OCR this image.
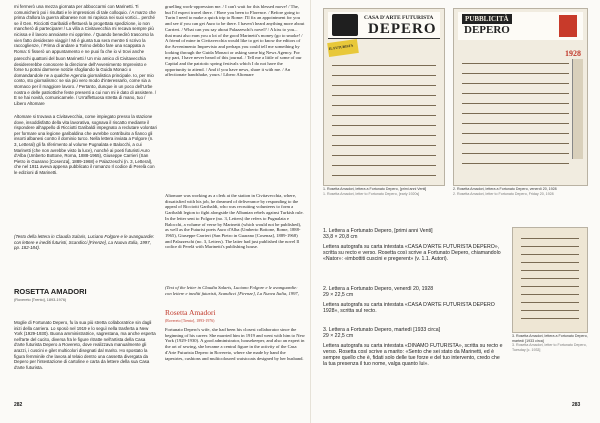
mi fermerò una mezza giornata per abboccarmi con Marinetti. Ti comunicherò poi i risultati e le impressioni di tale colloquio. / A marzo che prima d'allora la guerra albanese non mi rapisca nei suoi vortici... perché se il Gen. Ricciotti Garibaldi effettuerà la progettata spedizione, io non mancherò di partecipare! / La villa a Civitavecchia mi recava sempre più nicissa e il lavoro annoiante mi opprime. / Quando benedirò trascorso la vien fatto desiderare viaggi! / Mi è giunta tua sera mentre ti scrivo la raccoglienze, / Prima di andare a Torino debbo fare una scappata a Roma: ti fisserò un appuntamento e ne puoi fa che io vi trovi anche
parecchi quattoni del buon Marinetti / Un mio amico di Civitavecchia desidererebbe conoscere la direzione dell'Avvenimento Imprevisto e forse tu potrai darmene notizie sfogliando la Guida Monaci o domandandole ne a qualche Agenzia giornalistica principale. Io, per mio conto, sto giornalismo: se sia più vero modo d'interessarlo, come sia a stomaco per il maggiore lavoro. / Pertanto, dunque in un poco dell'Urbe nostra e delle patriottiche feste presenti a cui non mi è dato di assistere. / E se hai novità, comunicamele. / Un'affettuosa stretta di mano, tuo / Libero Altomare
Altomare si trovava a Civitavecchia, come impiegato presso la stazione dove, insoddisfatto della vita lavorativa, sognava il riscatto mediante il rispondere all'appello di Ricciotti Garibaldi impegnato a reclutare volontari per formare una legione garibaldina che avrebbe contribuito a fianco gli insorti albanesi contro il dominio turco. Nella lettera inviata a Folgore (n. 3, Letteral) gli fa riferimento al volume Pugnalata e Balocchi, a cui Marinetti (che non avrebbe visto la luce), nonché ai poeti futuristi Auro d'Alba (Umberto Bottone, Roma, 1888-1965), Giuseppe Carrieri (San Pietro in Guarano [Cosenza], 1889-1968) e Palazzeschi (n. 3, Letteral), che nel 1911 aveva appena pubblicato il romanzo Il codice di Perelà con le edizioni di Marinetti.
(Testo della lettera in Claudia Salaris, Luciano Folgore e le avanguardie: con lettere e inediti futuristi, Scandicci [Firenze], La Nuova Italia, 1997, pp. 182-184).
ROSETTA AMADORI
(Rovereto [Trento], 1893-1976)
Moglie di Fortunato Depero, fu la sua più stretta collaboratrice sin dagli inizi della carriera. Lo sposò nel 1919 e lo seguì nella trasferta a New York (1929-1930). Buona amministratrice, sagrestana, ma anche esperta nell'arte del cucito, diversa fra le figure ritratte nell'artista della Casa d'arte futurista Depero a Rovereto, dove realizzava manualmente gli arazzi, i cuscini e gilet multicolori disegnati dal marito. Ho spostato la figura femminile che lavora al telaio dentro una cassetta divergata da Depero per l'intestazione di cartoline e carta da lettere della sua Casa d'arte futurista.
gruelling work-oppression me. / I can't wait for this blessed move! / The, but I'd expect travel there. / Have you been to Florence. / Before going to Turin I need to make a quick trip to Rome: I'll fix an appointment for you and see if you can get Auro to be there. I haven't heard anything more about Carrieri. / What can you say about Palazzeschi's novel? / A kiss to you... that must also earn you a lot of the good Marinetti's money (go to smoke! / A friend of mine in Civitavecchia would like to get to know the editors of the Avvenimento Imprevisto and perhaps you could tell me something by looking through the Guida Monaci or asking some big News Agency. For my part, I have never heard of this journal. / Tell me a little of some of our Capital and the patriotic spring festivals which I do not have the opportunity to attend. / And if you have news, share it with me. / An affectionate handshake, yours / Libero Altomare
Altomare was working as a clerk at the station in Civitavecchia, where, dissatisfied with his job, he dreamed of deliverance by responding to the appeal of Ricciotti Garibaldi, who was recruiting volunteers to form a Garibaldi legion to fight alongside the Albanian rebels against Turkish rule. In the letter sent to Folgore (no. 3, Letters) the refers to Pugnalata e Balocchi, a volume of verse by Marinetti (which would not be published), as well as the Futurist poets Auro d'Alba (Umberto Bottone, Rome, 1888-1965), Giuseppe Carrieri (San Pietro in Guarano [Cosenza], 1889-1968) and Palazzeschi (no. 3, Letters). The latter had just published the novel Il codice di Perelà with Marinetti's publishing house.
(Text of the letter in Claudia Salaris, Luciano Folgore e le avanguardie: con lettere e inediti futuristi, Scandicci [Firenze], La Nuova Italia, 1997,
Rosetta Amadori
(Rovereto [Trento], 1893-1976)
Fortunato Depero's wife, she had been his closest collaborator since the beginning of his career. She married him in 1919 and went with him to New York (1929-1930). A good administrator, housekeeper, and also an expert in the art of sewing, she became a central figure in the activity of the Casa d'Arte Futurista Depero in Rovereto, where she made by hand the tapestries, cushions and multicoloured waistcoats designed by her husband.
282
CASA D'ARTE FUTURISTA
DEPERO
IL FUTURISTA
1. Rosetta Amadori, lettera a Fortunato Depero, [primi anni Venti]
1. Rosetta Amadori, letter to Fortunato Depero, [early 1920s]
PUBBLICITÀ
DEPERO
1928
2. Rosetta Amadori, lettera a Fortunato Depero, venerdì 20, 1928
2. Rosetta Amadori, letter to Fortunato Depero, Friday 20, 1928
3. Rosetta Amadori, lettera a Fortunato Depero, martedì [1933 circa]
3. Rosetta Amadori, letter to Fortunato Depero, Tuesday [c. 1933]
1. Lettera a Fortunato Depero, [primi anni Venti]
33,8 × 20,8 cm
Lettera autografa su carta intestata «CASA D'ARTE FUTURISTA DEPERO», scritta su recto e verso. Rosetta così scrive a Fortunato Depero, chiamandolo «Nator»: «imbottiti cuscini e pregerent» (v. 1.1. Autori).
2. Lettera a Fortunato Depero, venerdì 20, 1928
29 × 22,5 cm
Lettera autografa su carta intestata «CASA D'ARTE FUTURISTA DEPERO 1928», scritta sul recto.
3. Lettera a Fortunato Depero, martedì [1933 circa]
29 × 22,5 cm
Lettera autografa su carta intestata «DINAMO FUTURISTA», scritta su recto e verso. Rosetta così scrive a marito: «Sento che sei stato da Marinetti, ed è sempre quello che è, fidati solo delle tue forze e del tuo intervento, credo che la tua presenza il tuo nome, valga quanto lui».
283
